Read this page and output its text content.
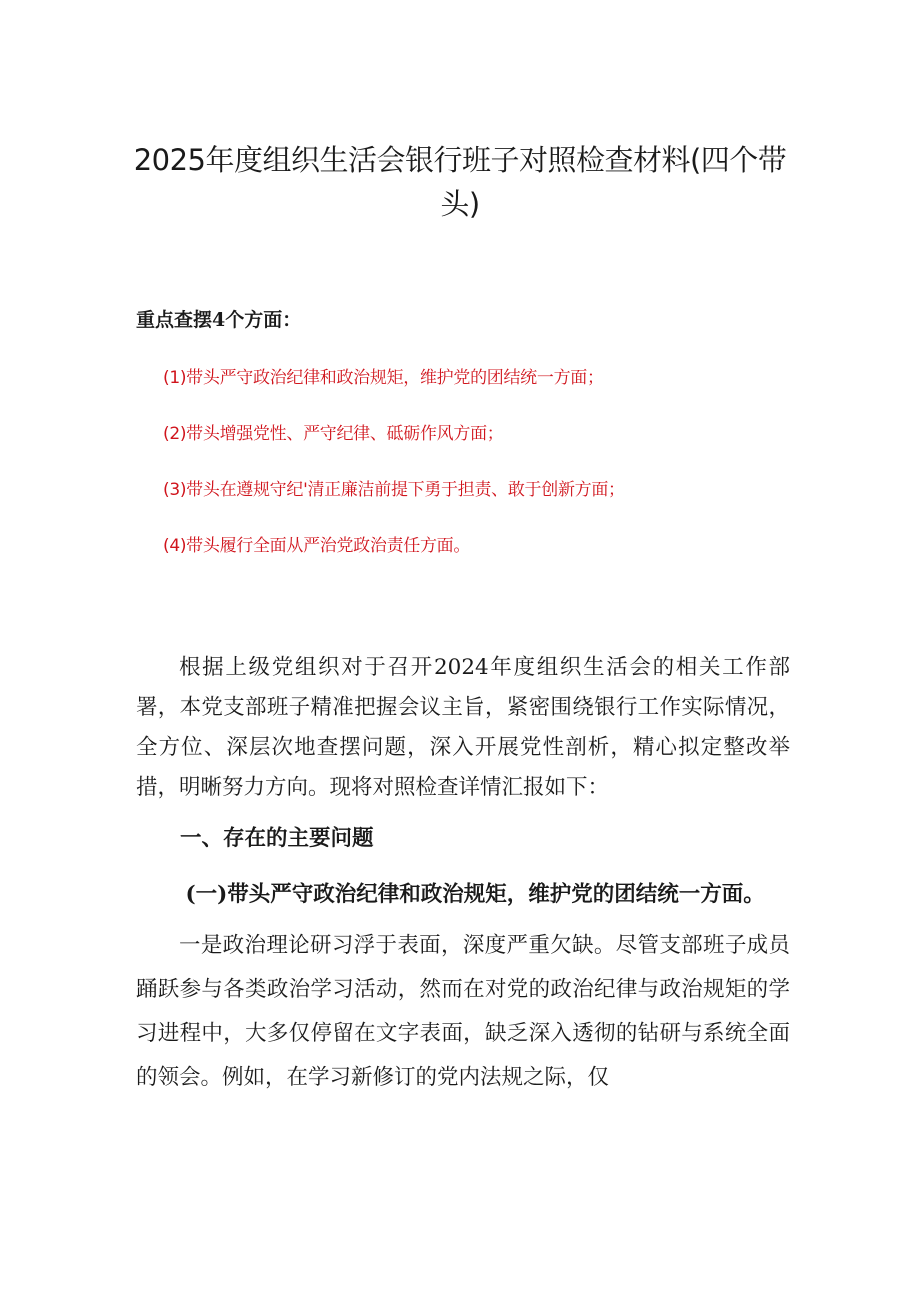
2025年度组织生活会银行班子对照检查材料(四个带头)
重点查摆4个方面：
(1)带头严守政治纪律和政治规矩，维护党的团结统一方面；
(2)带头增强党性、严守纪律、砥砺作风方面；
(3)带头在遵规守纪'清正廉洁前提下勇于担责、敢于创新方面；
(4)带头履行全面从严治党政治责任方面。

根据上级党组织对于召开2024年度组织生活会的相关工作部署，本党支部班子精准把握会议主旨，紧密围绕银行工作实际情况，全方位、深层次地查摆问题，深入开展党性剖析，精心拟定整改举措，明晰努力方向。现将对照检查详情汇报如下：

一、存在的主要问题

(一)带头严守政治纪律和政治规矩，维护党的团结统一方面。

一是政治理论研习浮于表面，深度严重欠缺。尽管支部班子成员踊跃参与各类政治学习活动，然而在对党的政治纪律与政治规矩的学习进程中，大多仅停留在文字表面，缺乏深入透彻的钻研与系统全面的领会。例如，在学习新修订的党内法规之际，仅
